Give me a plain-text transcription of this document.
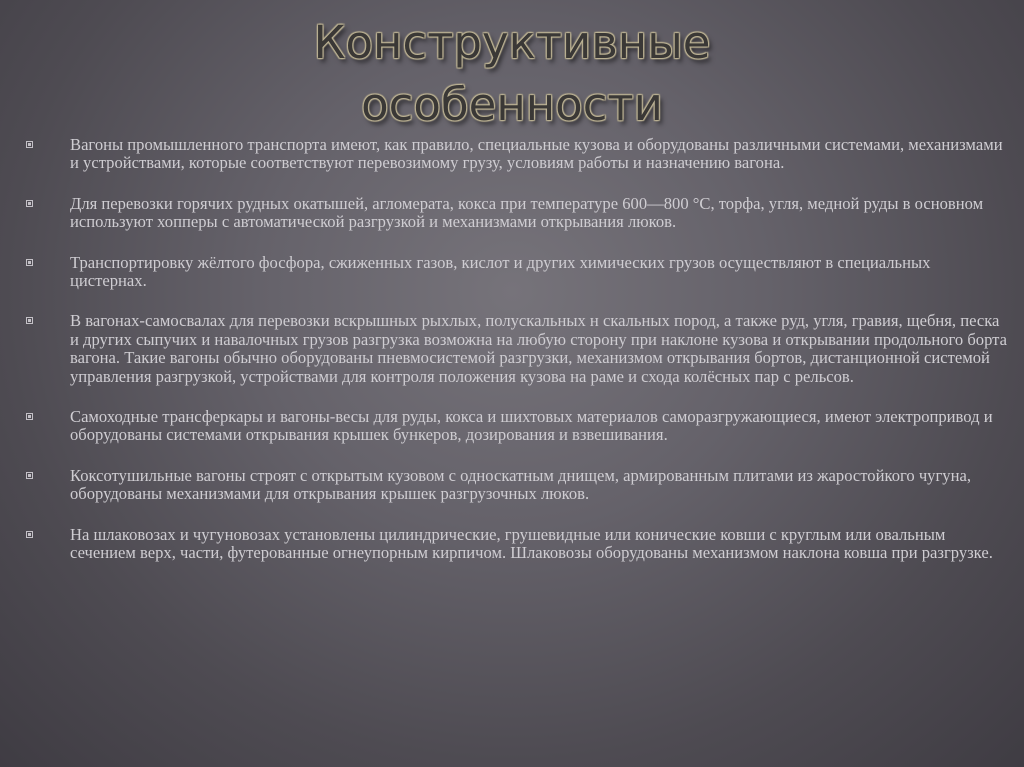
Конструктивные
особенности
Вагоны промышленного транспорта имеют, как правило, специальные кузова и оборудованы различными системами, механизмами и устройствами, которые соответствуют перевозимому грузу, условиям работы и назначению вагона.
Для перевозки горячих рудных окатышей, агломерата, кокса при температуре 600—800 °С, торфа, угля, медной руды в основном используют хопперы с автоматической разгрузкой и механизмами открывания люков.
Транспортировку жёлтого фосфора, сжиженных газов, кислот и других химических грузов осуществляют в специальных цистернах.
В вагонах-самосвалах для перевозки вскрышных рыхлых, полускальных н скальных пород, а также руд, угля, гравия, щебня, песка и других сыпучих и навалочных грузов разгрузка возможна на любую сторону при наклоне кузова и открывании продольного борта вагона. Такие вагоны обычно оборудованы пневмосистемой разгрузки, механизмом открывания бортов, дистанционной системой управления разгрузкой, устройствами для контроля положения кузова на раме и схода колёсных пар с рельсов.
Самоходные трансферкары и вагоны-весы для руды, кокса и шихтовых материалов саморазгружающиеся, имеют электропривод и оборудованы системами открывания крышек бункеров, дозирования и взвешивания.
Коксотушильные вагоны строят с открытым кузовом с односкатным днищем, армированным плитами из жаростойкого чугуна, оборудованы механизмами для открывания крышек разгрузочных люков.
На шлаковозах и чугуновозах установлены цилиндрические, грушевидные или конические ковши с круглым или овальным сечением верх, части, футерованные огнеупорным кирпичом. Шлаковозы оборудованы механизмом наклона ковша при разгрузке.
